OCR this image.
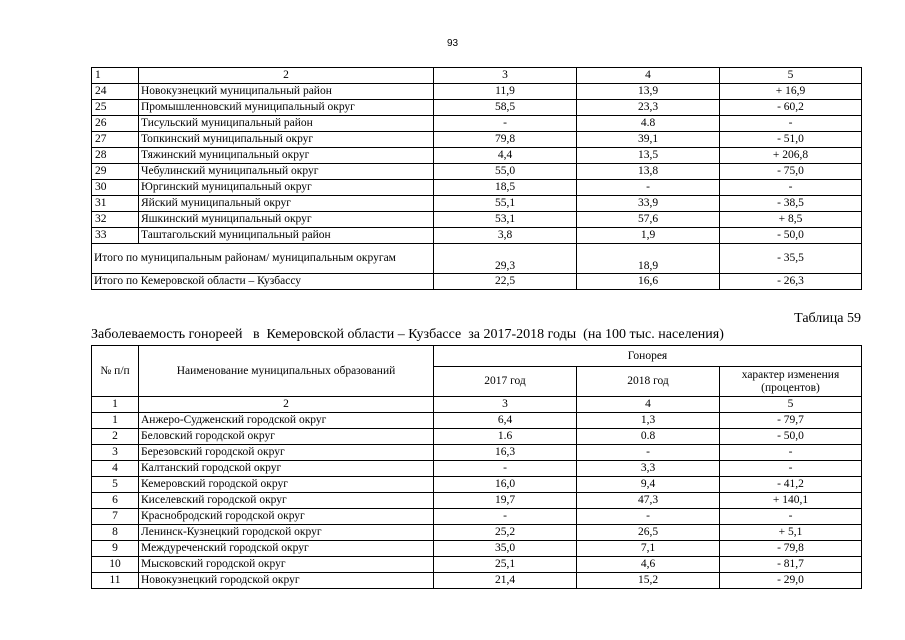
93
1	2	3	4	5
24	Новокузнецкий муниципальный район	11,9	13,9	+ 16,9
25	Промышленновский муниципальный округ	58,5	23,3	- 60,2
26	Тисульский муниципальный район	-	4.8	-
27	Топкинский муниципальный округ	79,8	39,1	- 51,0
28	Тяжинский муниципальный округ	4,4	13,5	+ 206,8
29	Чебулинский муниципальный округ	55,0	13,8	- 75,0
30	Юргинский муниципальный округ	18,5	-	-
31	Яйский муниципальный округ	55,1	33,9	- 38,5
32	Яшкинский муниципальный округ	53,1	57,6	+ 8,5
33	Таштагольский муниципальный район	3,8	1,9	- 50,0
Итого по муниципальным районам/ муниципальным округам		29,3	18,9	- 35,5
Итого по Кемеровской области – Кузбассу		22,5	16,6	- 26,3
Таблица 59
Заболеваемость гонореей   в  Кемеровской области – Кузбассе  за 2017-2018 годы  (на 100 тыс. населения)
№ п/п	Наименование муниципальных образований	Гонорея		
		2017 год	2018 год	характер изменения (процентов)
1	2	3	4	5
1	Анжеро-Судженский городской округ	6,4	1,3	- 79,7
2	Беловский городской округ	1.6	0.8	- 50,0
3	Березовский городской округ	16,3	-	-
4	Калтанский городской округ	-	3,3	-
5	Кемеровский городской округ	16,0	9,4	- 41,2
6	Киселевский городской округ	19,7	47,3	+ 140,1
7	Краснобродский городской округ	-	-	-
8	Ленинск-Кузнецкий городской округ	25,2	26,5	+ 5,1
9	Междуреченский городской округ	35,0	7,1	- 79,8
10	Мысковский городской округ	25,1	4,6	- 81,7
11	Новокузнецкий городской округ	21,4	15,2	- 29,0
